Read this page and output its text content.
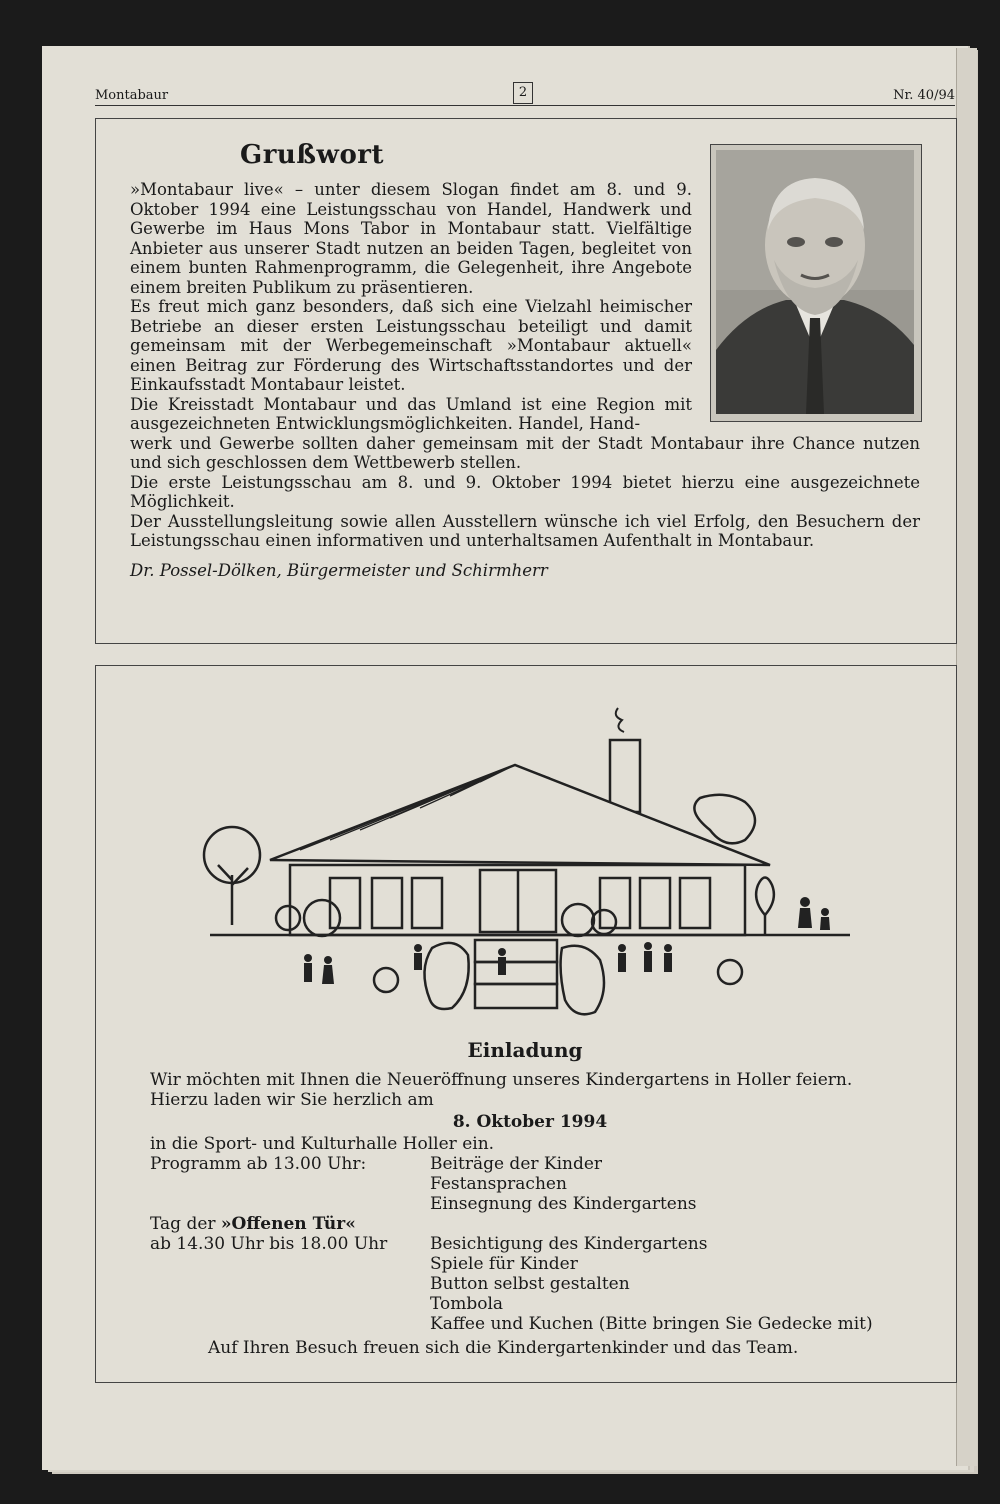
Montabaur	2	Nr. 40/94
Grußwort

»Montabaur live« – unter diesem Slogan findet am 8. und 9. Oktober 1994 eine Leistungsschau von Handel, Handwerk und Gewerbe im Haus Mons Tabor in Montabaur statt. Vielfältige Anbieter aus unserer Stadt nutzen an beiden Tagen, begleitet von einem bunten Rahmenprogramm, die Gelegenheit, ihre Angebote einem breiten Publikum zu präsentieren.

Es freut mich ganz besonders, daß sich eine Vielzahl heimischer Betriebe an dieser ersten Leistungsschau beteiligt und damit gemeinsam mit der Werbegemeinschaft »Montabaur aktuell« einen Beitrag zur Förderung des Wirtschaftsstandortes und der Einkaufsstadt Montabaur leistet.

Die Kreisstadt Montabaur und das Umland ist eine Region mit ausgezeichneten Entwicklungsmöglichkeiten. Handel, Hand-

werk und Gewerbe sollten daher gemeinsam mit der Stadt Montabaur ihre Chance nutzen und sich geschlossen dem Wettbewerb stellen.

Die erste Leistungsschau am 8. und 9. Oktober 1994 bietet hierzu eine ausgezeichnete Möglichkeit.

Der Ausstellungsleitung sowie allen Ausstellern wünsche ich viel Erfolg, den Besuchern der Leistungsschau einen informativen und unterhaltsamen Aufenthalt in Montabaur.

Dr. Possel-Dölken, Bürgermeister und Schirmherr

Einladung

Wir möchten mit Ihnen die Neueröffnung unseres Kindergartens in Holler feiern.

Hierzu laden wir Sie herzlich am

8. Oktober 1994

in die Sport- und Kulturhalle Holler ein.

Programm ab 13.00 Uhr:	Beiträge der Kinder
Festansprachen
Einsegnung des Kindergartens

Tag der »Offenen Tür«

ab 14.30 Uhr bis 18.00 Uhr	Besichtigung des Kindergartens
Spiele für Kinder
Button selbst gestalten
Tombola
Kaffee und Kuchen (Bitte bringen Sie Gedecke mit)

Auf Ihren Besuch freuen sich die Kindergartenkinder und das Team.
